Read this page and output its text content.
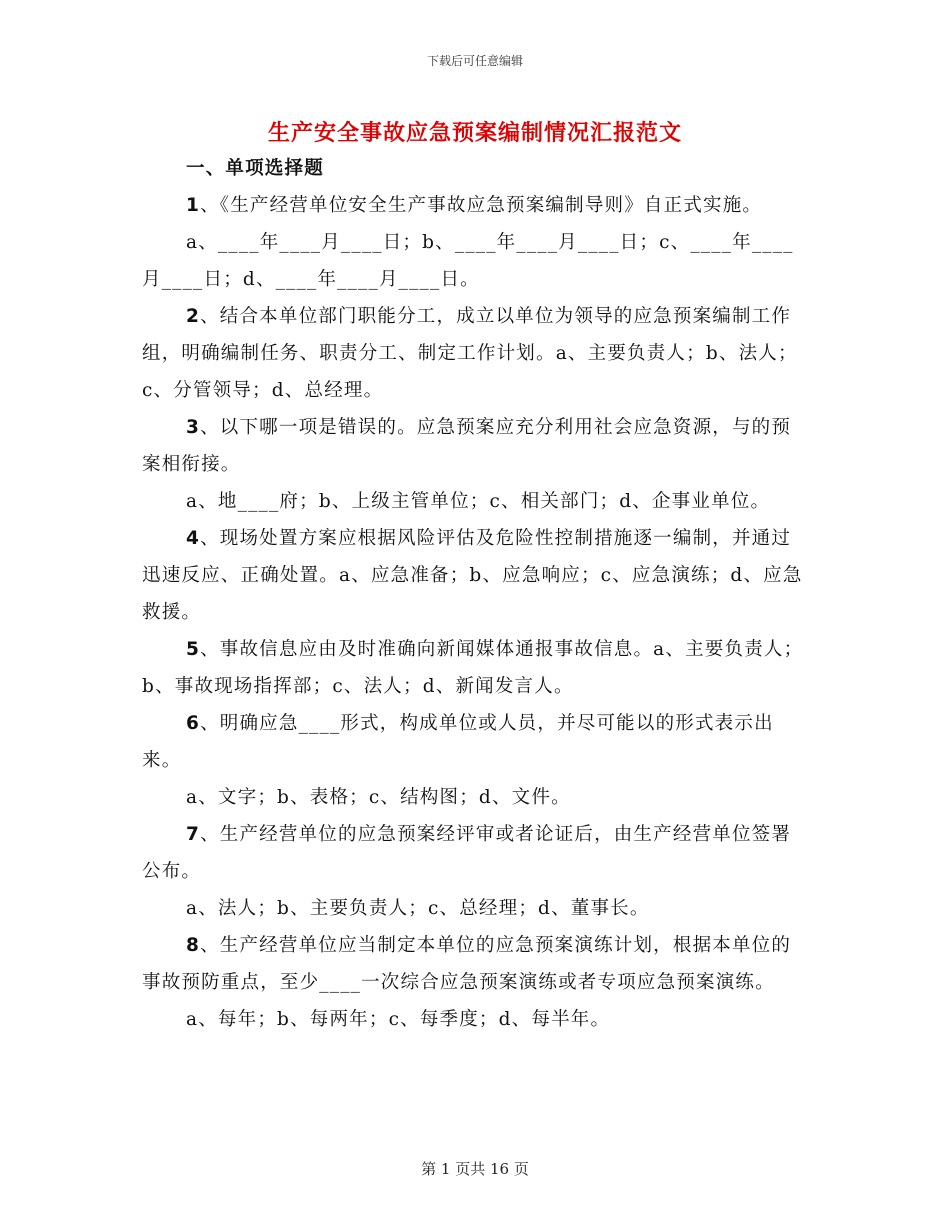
下载后可任意编辑
生产安全事故应急预案编制情况汇报范文

一、单项选择题

1、《生产经营单位安全生产事故应急预案编制导则》自正式实施。

a、____年____月____日；b、____年____月____日；c、____年____月____日；d、____年____月____日。

2、结合本单位部门职能分工，成立以单位为领导的应急预案编制工作组，明确编制任务、职责分工、制定工作计划。a、主要负责人；b、法人；c、分管领导；d、总经理。

3、以下哪一项是错误的。应急预案应充分利用社会应急资源，与的预案相衔接。

a、地____府；b、上级主管单位；c、相关部门；d、企事业单位。

4、现场处置方案应根据风险评估及危险性控制措施逐一编制，并通过迅速反应、正确处置。a、应急准备；b、应急响应；c、应急演练；d、应急救援。

5、事故信息应由及时准确向新闻媒体通报事故信息。a、主要负责人；b、事故现场指挥部；c、法人；d、新闻发言人。

6、明确应急____形式，构成单位或人员，并尽可能以的形式表示出来。

a、文字；b、表格；c、结构图；d、文件。

7、生产经营单位的应急预案经评审或者论证后，由生产经营单位签署公布。

a、法人；b、主要负责人；c、总经理；d、董事长。

8、生产经营单位应当制定本单位的应急预案演练计划，根据本单位的事故预防重点，至少____一次综合应急预案演练或者专项应急预案演练。

a、每年；b、每两年；c、每季度；d、每半年。

第 1 页共 16 页
